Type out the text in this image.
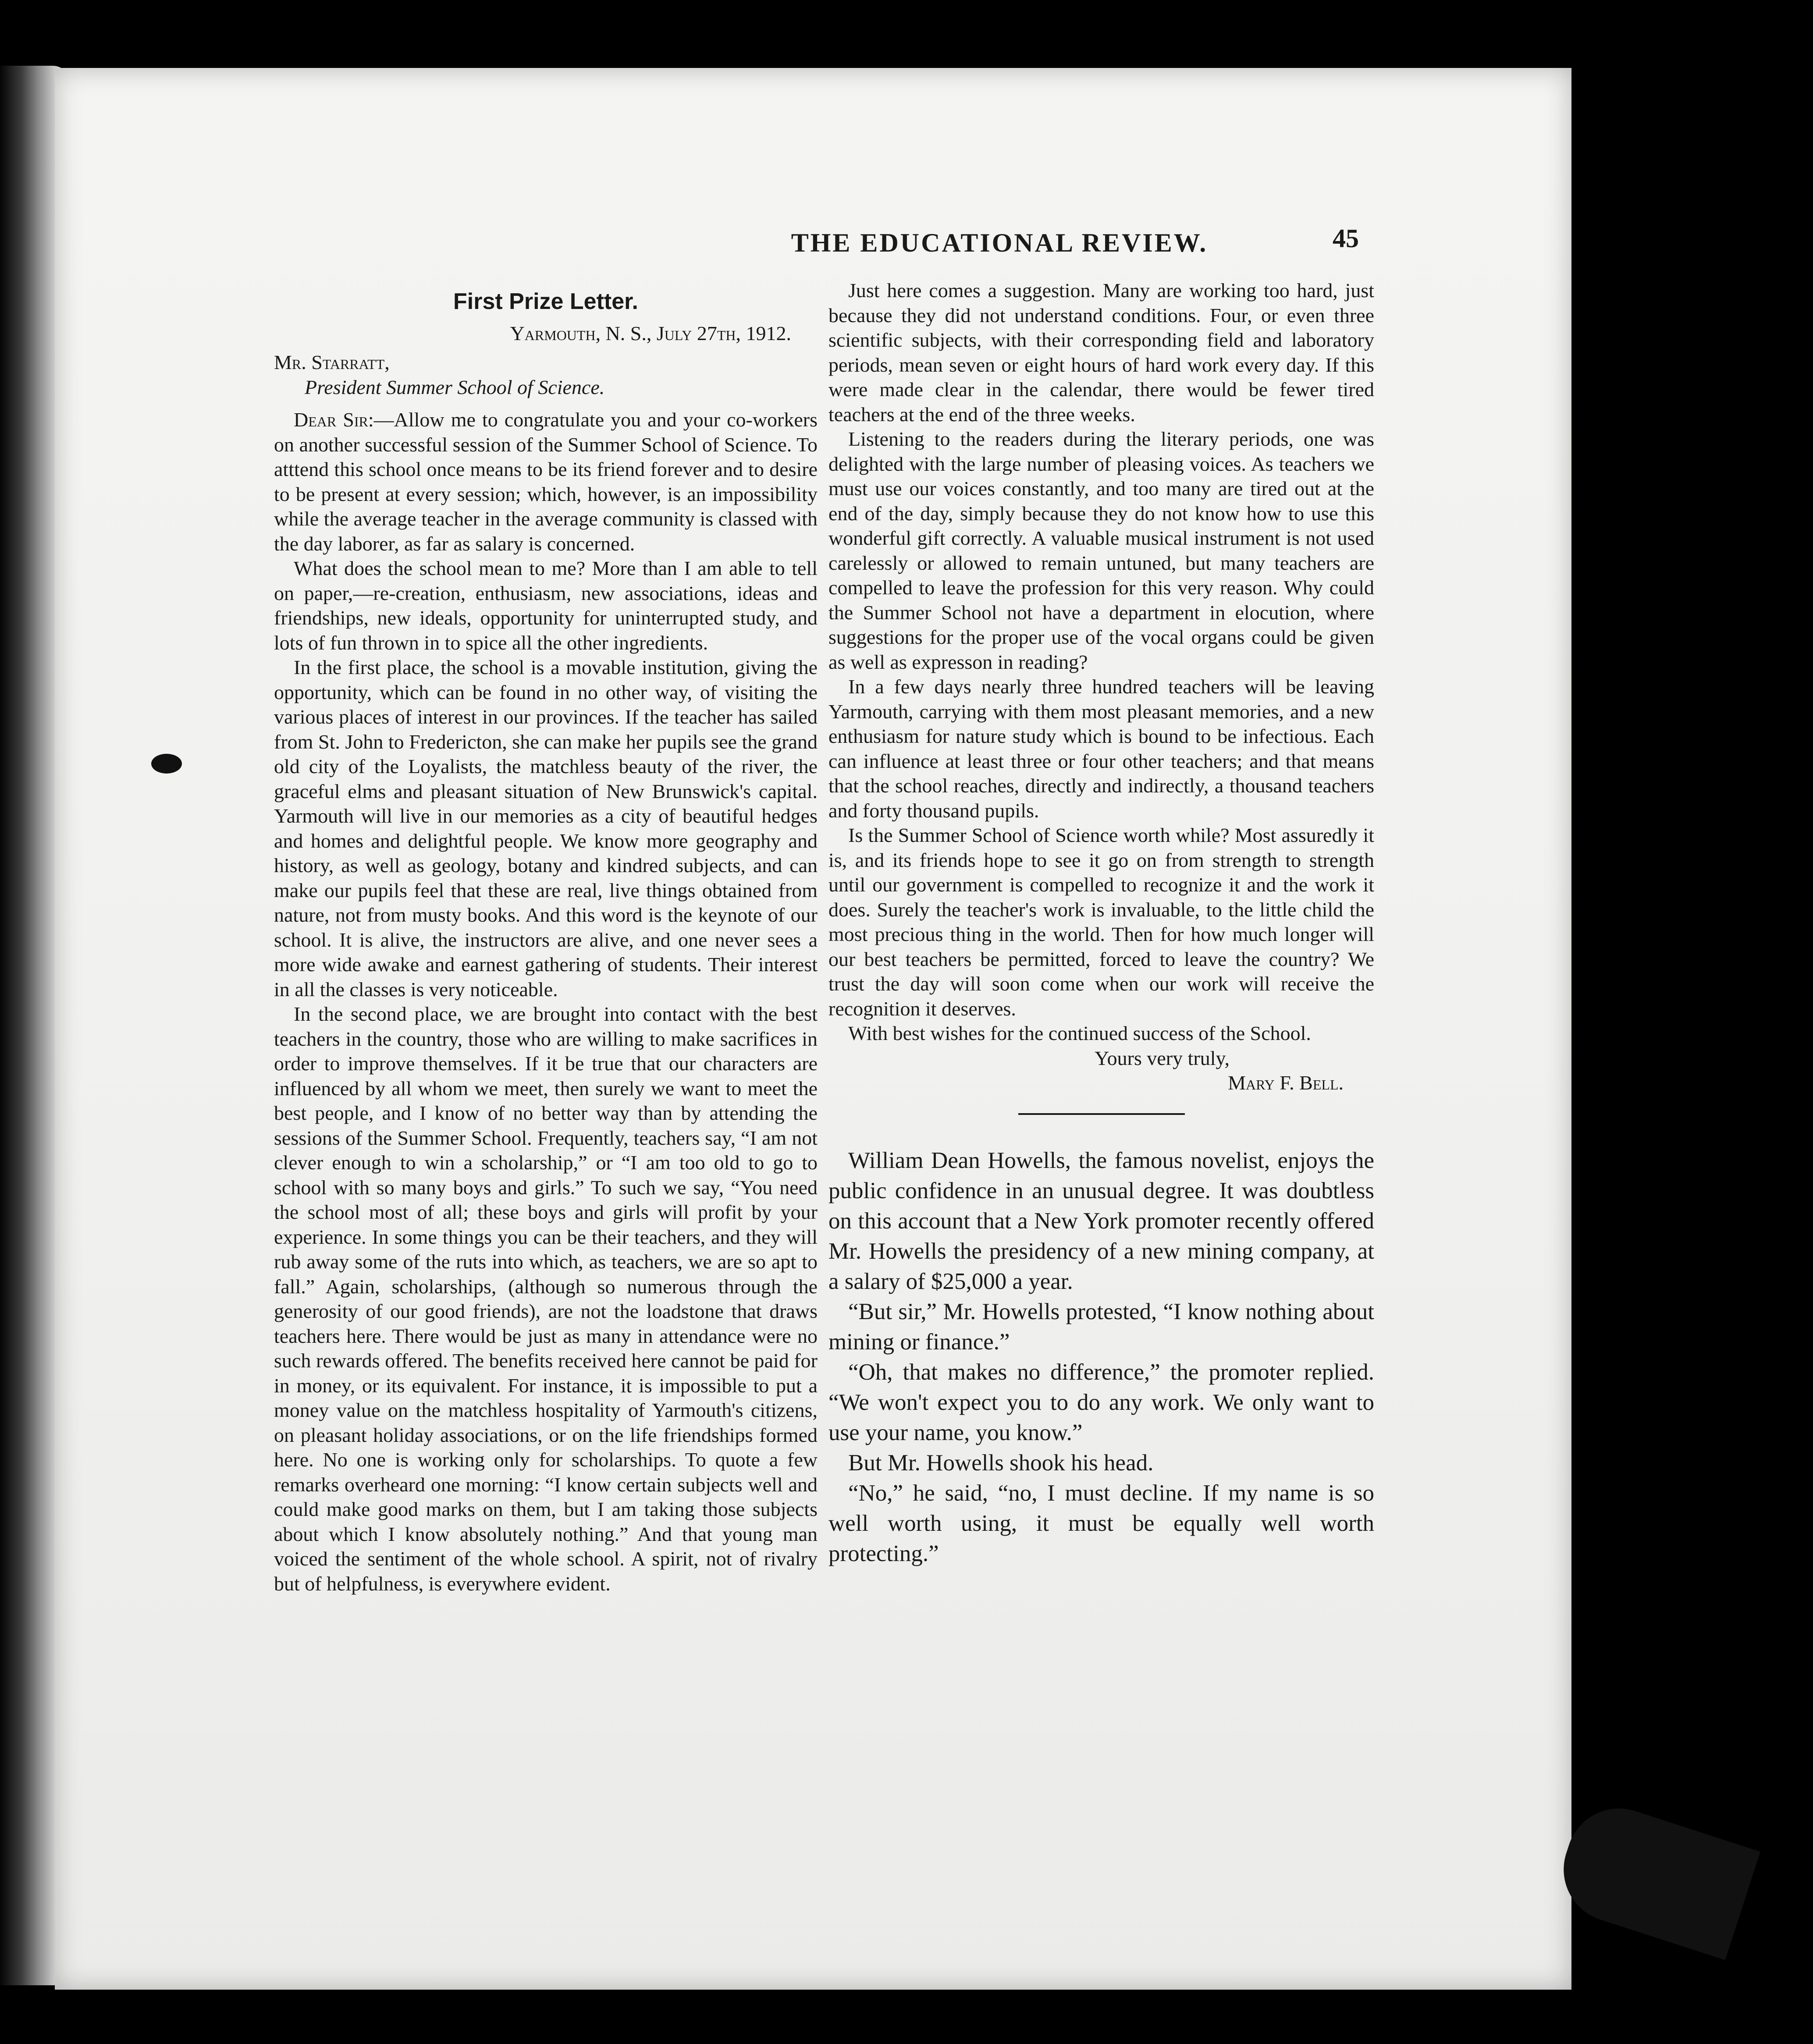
THE EDUCATIONAL REVIEW.	45
First Prize Letter.
Yarmouth, N. S., July 27th, 1912.
Mr. Starratt,
President Summer School of Science.

Dear Sir:—Allow me to congratulate you and your co-workers on another successful session of the Summer School of Science. To atttend this school once means to be its friend forever and to desire to be present at every session; which, however, is an impossibility while the average teacher in the average community is classed with the day laborer, as far as salary is concerned.

What does the school mean to me? More than I am able to tell on paper,—re-creation, enthusiasm, new associations, ideas and friendships, new ideals, opportunity for uninterrupted study, and lots of fun thrown in to spice all the other ingredients.

In the first place, the school is a movable institution, giving the opportunity, which can be found in no other way, of visiting the various places of interest in our provinces. If the teacher has sailed from St. John to Fredericton, she can make her pupils see the grand old city of the Loyalists, the matchless beauty of the river, the graceful elms and pleasant situation of New Brunswick's capital. Yarmouth will live in our memories as a city of beautiful hedges and homes and delightful people. We know more geography and history, as well as geology, botany and kindred subjects, and can make our pupils feel that these are real, live things obtained from nature, not from musty books. And this word is the keynote of our school. It is alive, the instructors are alive, and one never sees a more wide awake and earnest gathering of students. Their interest in all the classes is very noticeable.

In the second place, we are brought into contact with the best teachers in the country, those who are willing to make sacrifices in order to improve themselves. If it be true that our characters are influenced by all whom we meet, then surely we want to meet the best people, and I know of no better way than by attending the sessions of the Summer School. Frequently, teachers say, “I am not clever enough to win a scholarship,” or “I am too old to go to school with so many boys and girls.” To such we say, “You need the school most of all; these boys and girls will profit by your experience. In some things you can be their teachers, and they will rub away some of the ruts into which, as teachers, we are so apt to fall.” Again, scholarships, (although so numerous through the generosity of our good friends), are not the loadstone that draws teachers here. There would be just as many in attendance were no such rewards offered. The benefits received here cannot be paid for in money, or its equivalent. For instance, it is impossible to put a money value on the matchless hospitality of Yarmouth's citizens, on pleasant holiday associations, or on the life friendships formed here. No one is working only for scholarships. To quote a few remarks overheard one morning: “I know certain subjects well and could make good marks on them, but I am taking those subjects about which I know absolutely nothing.” And that young man voiced the sentiment of the whole school. A spirit, not of rivalry but of helpfulness, is everywhere evident.

Just here comes a suggestion. Many are working too hard, just because they did not understand conditions. Four, or even three scientific subjects, with their corresponding field and laboratory periods, mean seven or eight hours of hard work every day. If this were made clear in the calendar, there would be fewer tired teachers at the end of the three weeks.

Listening to the readers during the literary periods, one was delighted with the large number of pleasing voices. As teachers we must use our voices constantly, and too many are tired out at the end of the day, simply because they do not know how to use this wonderful gift correctly. A valuable musical instrument is not used carelessly or allowed to remain untuned, but many teachers are compelled to leave the profession for this very reason. Why could the Summer School not have a department in elocution, where suggestions for the proper use of the vocal organs could be given as well as expresson in reading?

In a few days nearly three hundred teachers will be leaving Yarmouth, carrying with them most pleasant memories, and a new enthusiasm for nature study which is bound to be infectious. Each can influence at least three or four other teachers; and that means that the school reaches, directly and indirectly, a thousand teachers and forty thousand pupils.

Is the Summer School of Science worth while? Most assuredly it is, and its friends hope to see it go on from strength to strength until our government is compelled to recognize it and the work it does. Surely the teacher's work is invaluable, to the little child the most precious thing in the world. Then for how much longer will our best teachers be permitted, forced to leave the country? We trust the day will soon come when our work will receive the recognition it deserves.

With best wishes for the continued success of the School.

Yours very truly,
Mary F. Bell.

William Dean Howells, the famous novelist, enjoys the public confidence in an unusual degree. It was doubtless on this account that a New York promoter recently offered Mr. Howells the presidency of a new mining company, at a salary of $25,000 a year.

“But sir,” Mr. Howells protested, “I know nothing about mining or finance.”

“Oh, that makes no difference,” the promoter replied. “We won't expect you to do any work. We only want to use your name, you know.”

But Mr. Howells shook his head.

“No,” he said, “no, I must decline. If my name is so well worth using, it must be equally well worth protecting.”
